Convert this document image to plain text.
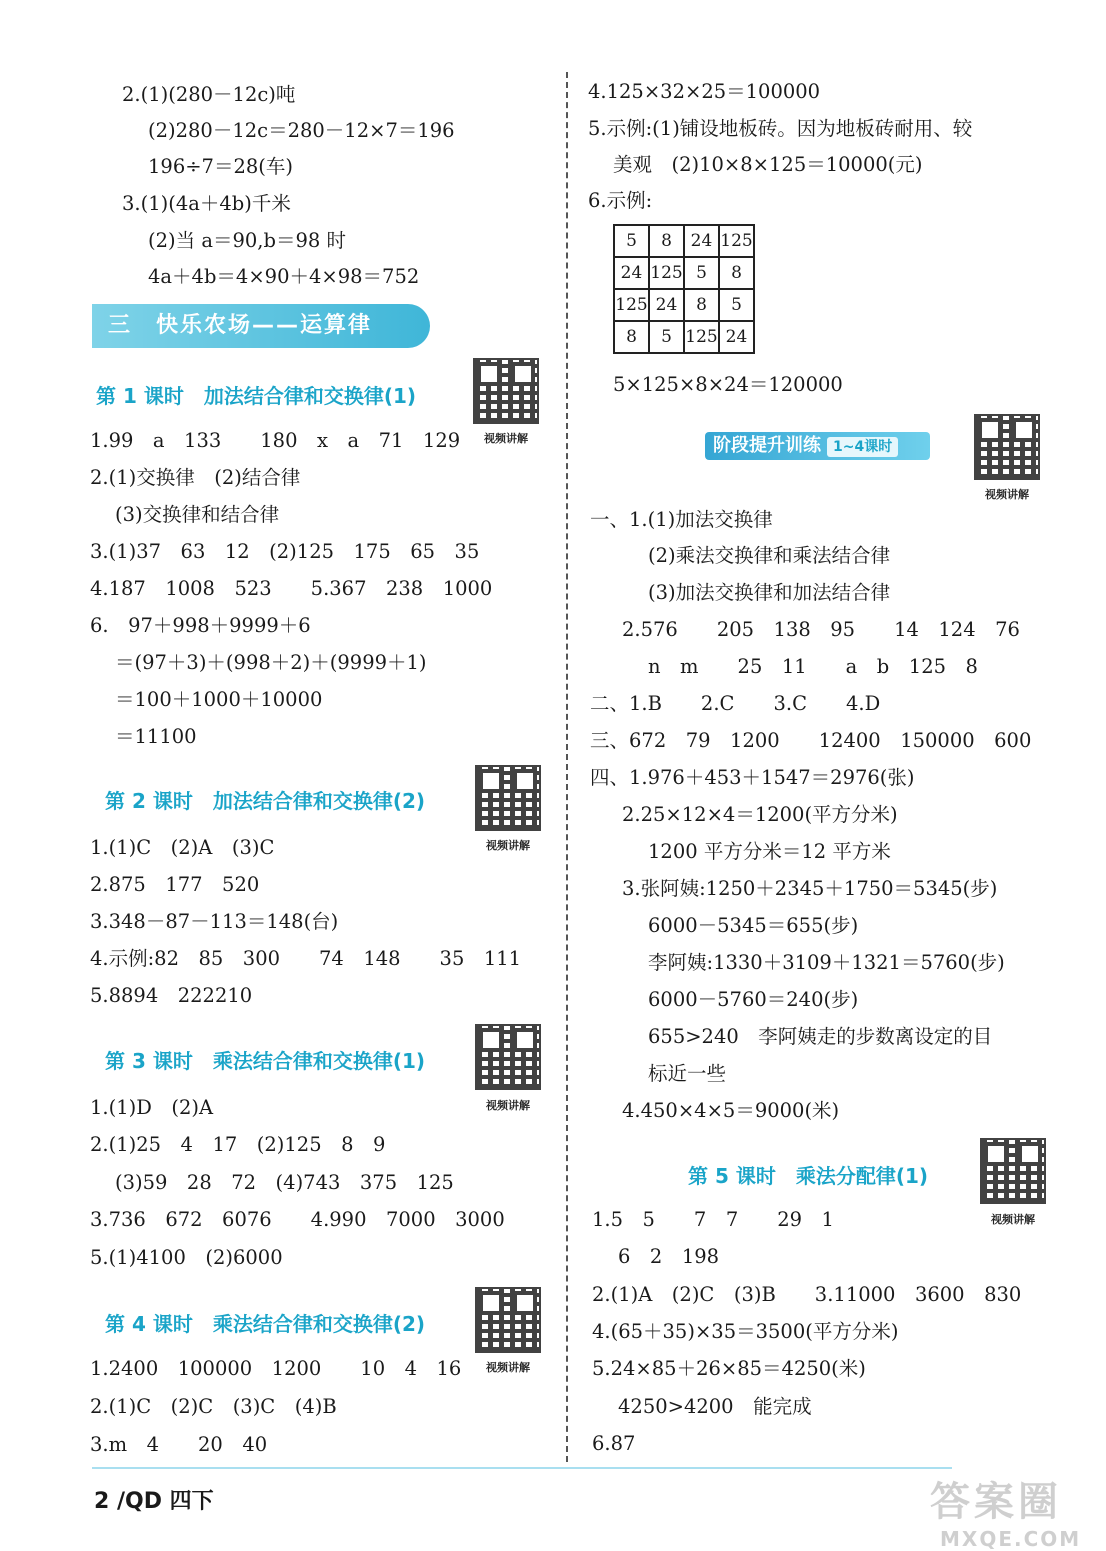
2.(1)(280－12c)吨
(2)280－12c＝280－12×7＝196
196÷7＝28(车)
3.(1)(4a＋4b)千米
(2)当 a＝90,b＝98 时
4a＋4b＝4×90＋4×98＝752
三　快乐农场——运算律
第 1 课时　加法结合律和交换律(1)
视频讲解
1.99　a　133　　180　x　a　71　129
2.(1)交换律　(2)结合律
(3)交换律和结合律
3.(1)37　63　12　(2)125　175　65　35
4.187　1008　523　　5.367　238　1000
6.　97＋998＋9999＋6
＝(97＋3)＋(998＋2)＋(9999＋1)
＝100＋1000＋10000
＝11100
第 2 课时　加法结合律和交换律(2)
视频讲解
1.(1)C　(2)A　(3)C
2.875　177　520
3.348－87－113＝148(台)
4.示例:82　85　300　　74　148　　35　111
5.8894　222210
第 3 课时　乘法结合律和交换律(1)
视频讲解
1.(1)D　(2)A
2.(1)25　4　17　(2)125　8　9
(3)59　28　72　(4)743　375　125
3.736　672　6076　　4.990　7000　3000
5.(1)4100　(2)6000
第 4 课时　乘法结合律和交换律(2)
视频讲解
1.2400　100000　1200　　10　4　16
2.(1)C　(2)C　(3)C　(4)B
3.m　4　　20　40
4.125×32×25＝100000
5.示例:(1)铺设地板砖。因为地板砖耐用、较
美观　(2)10×8×125＝10000(元)
6.示例:
5	8	24	125
24	125	5	8
125	24	8	5
8	5	125	24
5×125×8×24＝120000
阶段提升训练 1~4课时
视频讲解
一、1.(1)加法交换律
(2)乘法交换律和乘法结合律
(3)加法交换律和加法结合律
2.576　　205　138　95　　14　124　76
n　m　　25　11　　a　b　125　8
二、1.B　　2.C　　3.C　　4.D
三、672　79　1200　　12400　150000　600
四、1.976＋453＋1547＝2976(张)
2.25×12×4＝1200(平方分米)
1200 平方分米＝12 平方米
3.张阿姨:1250＋2345＋1750＝5345(步)
6000－5345＝655(步)
李阿姨:1330＋3109＋1321＝5760(步)
6000－5760＝240(步)
655>240　李阿姨走的步数离设定的目
标近一些
4.450×4×5＝9000(米)
第 5 课时　乘法分配律(1)
视频讲解
1.5　5　　7　7　　29　1
6　2　198
2.(1)A　(2)C　(3)B　　3.11000　3600　830
4.(65＋35)×35＝3500(平方分米)
5.24×85＋26×85＝4250(米)
4250>4200　能完成
6.87
2 /QD 四下	答案圈
MXQE.COM
